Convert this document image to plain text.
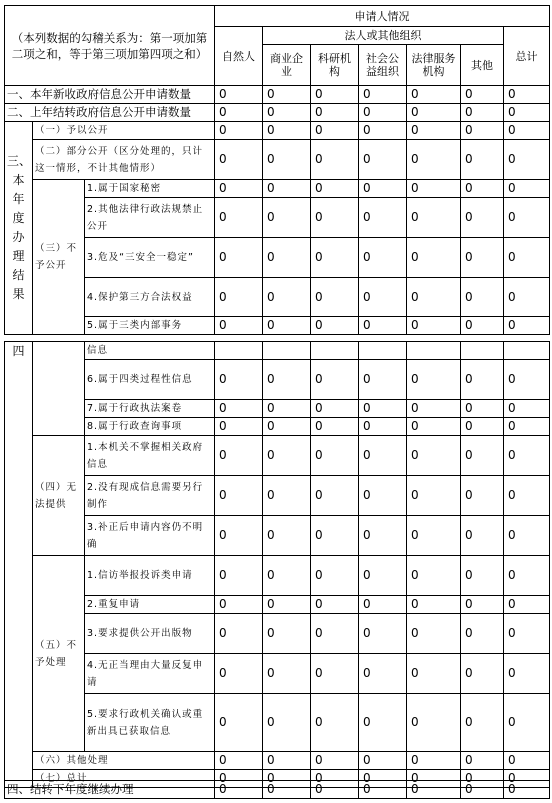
（本列数据的勾稽关系为：第一项加第二项之和，等于第三项加第四项之和）			申请人情况						
			自然人	法人或其他组织					总计
				商业企业	科研机构	社会公益组织	法律服务机构	其他	
一、本年新收政府信息公开申请数量			0	0	0	0	0	0	0
二、上年结转政府信息公开申请数量			0	0	0	0	0	0	0
三、本年度办理结果	（一）予以公开		0	0	0	0	0	0	0
	（二）部分公开（区分处理的，只计这一情形，不计其他情形）		0	0	0	0	0	0	0
	（三）不予公开	1.属于国家秘密	0	0	0	0	0	0	0
		2.其他法律行政法规禁止公开	0	0	0	0	0	0	0
		3.危及“三安全一稳定”	0	0	0	0	0	0	0
		4.保护第三方合法权益	0	0	0	0	0	0	0
		5.属于三类内部事务	0	0	0	0	0	0	0
四		信息							
		6.属于四类过程性信息	0	0	0	0	0	0	0
		7.属于行政执法案卷	0	0	0	0	0	0	0
		8.属于行政查询事项	0	0	0	0	0	0	0
	（四）无法提供	1.本机关不掌握相关政府信息	0	0	0	0	0	0	0
		2.没有现成信息需要另行制作	0	0	0	0	0	0	0
		3.补正后申请内容仍不明确	0	0	0	0	0	0	0
	（五）不予处理	1.信访举报投诉类申请	0	0	0	0	0	0	0
		2.重复申请	0	0	0	0	0	0	0
		3.要求提供公开出版物	0	0	0	0	0	0	0
		4.无正当理由大量反复申请	0	0	0	0	0	0	0
		5.要求行政机关确认或重新出具已获取信息	0	0	0	0	0	0	0
	（六）其他处理		0	0	0	0	0	0	0
	（七）总计		0	0	0	0	0	0	0
四、结转下年度继续办理	0	0	0	0	0	0	0
